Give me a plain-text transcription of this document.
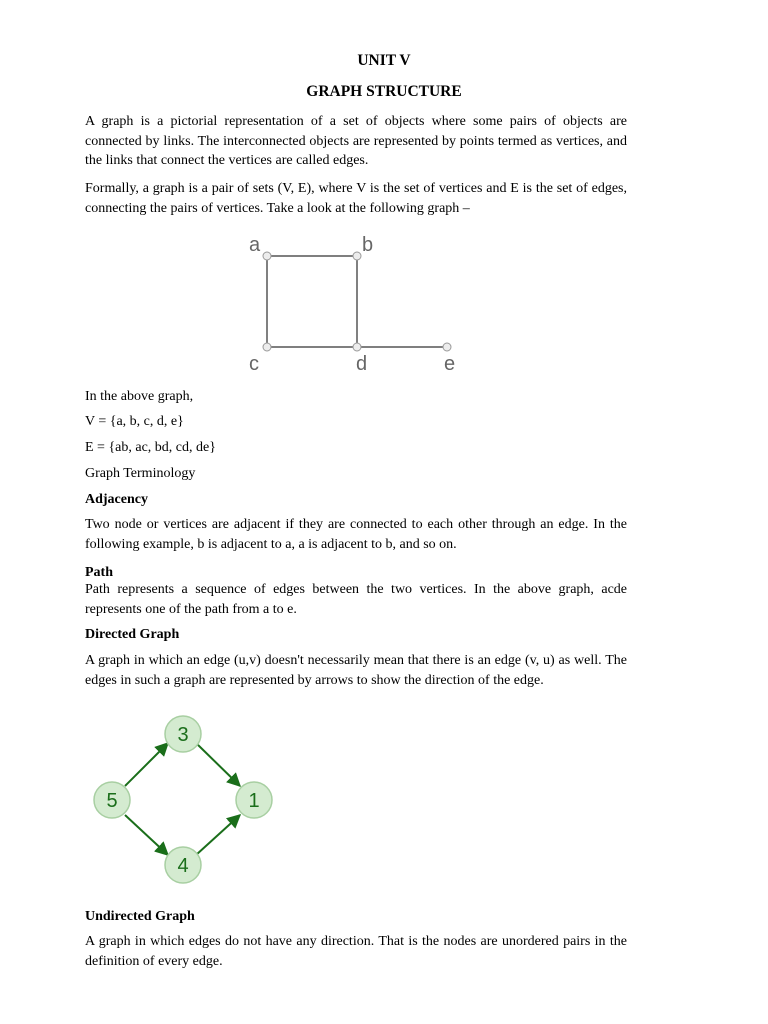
UNIT V
GRAPH STRUCTURE
A graph is a pictorial representation of a set of objects where some pairs of objects are connected by links. The interconnected objects are represented by points termed as vertices, and the links that connect the vertices are called edges.
Formally, a graph is a pair of sets (V, E), where V is the set of vertices and E is the set of edges, connecting the pairs of vertices. Take a look at the following graph –
a	b
c	d	e
In the above graph,
V = {a, b, c, d, e}
E = {ab, ac, bd, cd, de}
Graph Terminology
Adjacency
Two node or vertices are adjacent if they are connected to each other through an edge. In the following example, b is adjacent to a, a is adjacent to b, and so on.
Path
Path represents a sequence of edges between the two vertices. In the above graph, acde represents one of the path from a to e.
Directed Graph
A graph in which an edge (u,v) doesn't necessarily mean that there is an edge (v, u) as well. The edges in such a graph are represented by arrows to show the direction of the edge.
3
5	1
4
Undirected Graph
A graph in which edges do not have any direction. That is the nodes are unordered pairs in the definition of every edge.
